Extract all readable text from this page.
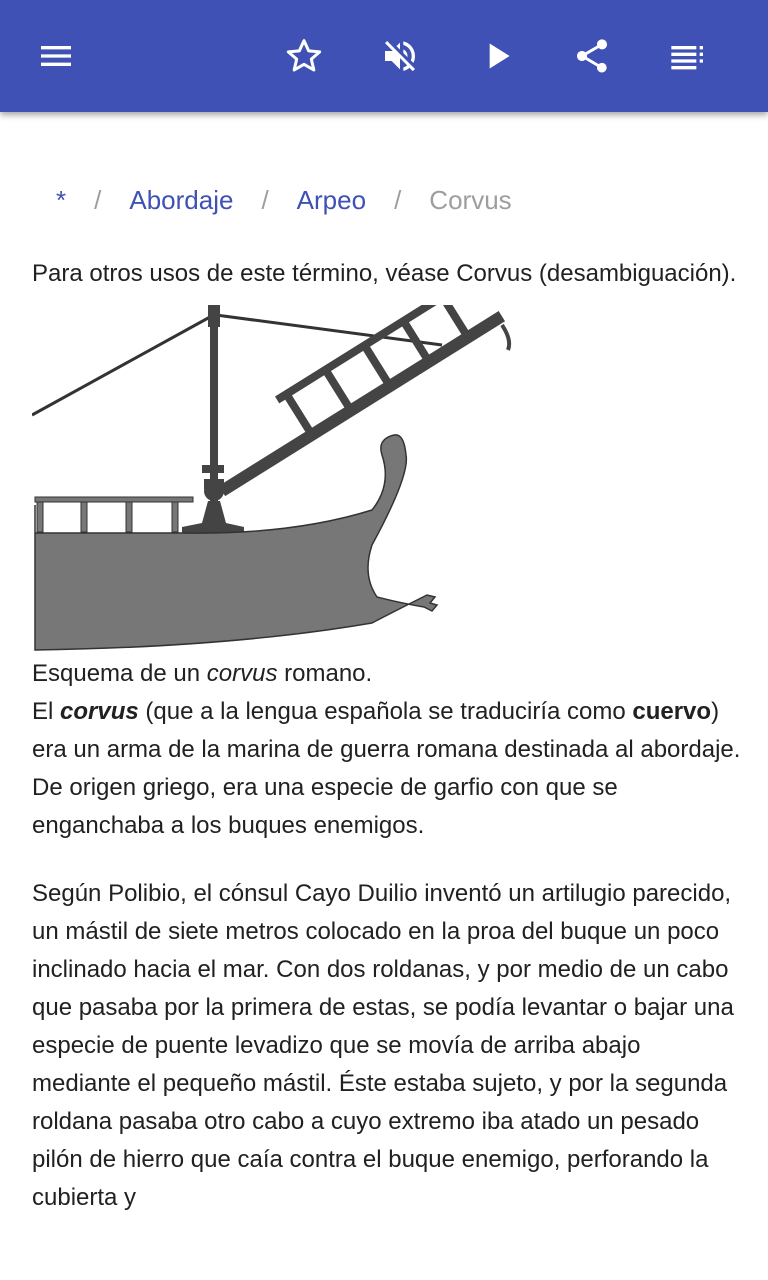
* / Abordaje / Arpeo / Corvus

Para otros usos de este término, véase Corvus (desambiguación).

Esquema de un corvus romano.

El corvus (que a la lengua española se traduciría como cuervo) era un arma de la marina de guerra romana destinada al abordaje. De origen griego, era una especie de garfio con que se enganchaba a los buques enemigos.

Según Polibio, el cónsul Cayo Duilio inventó un artilugio parecido, un mástil de siete metros colocado en la proa del buque un poco inclinado hacia el mar. Con dos roldanas, y por medio de un cabo que pasaba por la primera de estas, se podía levantar o bajar una especie de puente levadizo que se movía de arriba abajo mediante el pequeño mástil. Éste estaba sujeto, y por la segunda roldana pasaba otro cabo a cuyo extremo iba atado un pesado pilón de hierro que caía contra el buque enemigo, perforando la cubierta y
